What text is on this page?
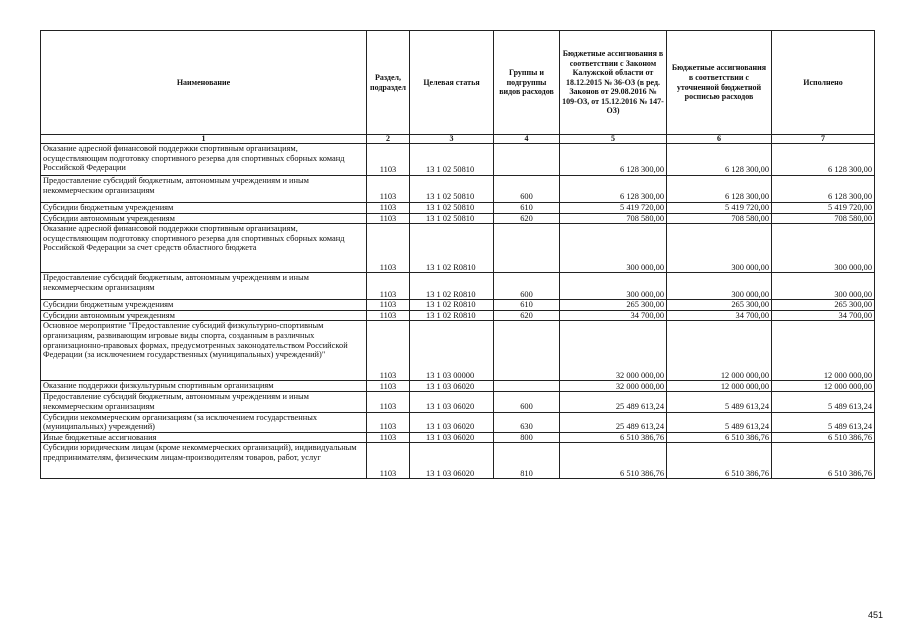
Наименование	Раздел, подраздел	Целевая статья	Группы и подгруппы видов расходов	Бюджетные ассигнования в соответствии с Законом Калужской области от 18.12.2015 № 36-ОЗ (в ред. Законов от 29.08.2016 № 109-ОЗ, от 15.12.2016 № 147-ОЗ)	Бюджетные ассигнования в соответствии с уточненной бюджетной росписью расходов	Исполнено
1	2	3	4	5	6	7
Оказание адресной финансовой поддержки спортивным организациям, осуществляющим подготовку спортивного резерва для спортивных сборных команд Российской Федерации	1103	13 1 02 50810		6 128 300,00	6 128 300,00	6 128 300,00
Предоставление субсидий бюджетным, автономным учреждениям и иным некоммерческим организациям	1103	13 1 02 50810	600	6 128 300,00	6 128 300,00	6 128 300,00
Субсидии бюджетным учреждениям	1103	13 1 02 50810	610	5 419 720,00	5 419 720,00	5 419 720,00
Субсидии автономным учреждениям	1103	13 1 02 50810	620	708 580,00	708 580,00	708 580,00
Оказание адресной финансовой поддержки спортивным организациям, осуществляющим подготовку спортивного резерва для спортивных сборных команд Российской Федерации за счет средств областного бюджета	1103	13 1 02 R0810		300 000,00	300 000,00	300 000,00
Предоставление субсидий бюджетным, автономным учреждениям и иным некоммерческим организациям	1103	13 1 02 R0810	600	300 000,00	300 000,00	300 000,00
Субсидии бюджетным учреждениям	1103	13 1 02 R0810	610	265 300,00	265 300,00	265 300,00
Субсидии автономным учреждениям	1103	13 1 02 R0810	620	34 700,00	34 700,00	34 700,00
Основное мероприятие "Предоставление субсидий физкультурно-спортивным организациям, развивающим игровые виды спорта, созданным в различных организационно-правовых формах, предусмотренных законодательством Российской Федерации (за исключением государственных (муниципальных) учреждений)"	1103	13 1 03 00000		32 000 000,00	12 000 000,00	12 000 000,00
Оказание поддержки физкультурным спортивным организациям	1103	13 1 03 06020		32 000 000,00	12 000 000,00	12 000 000,00
Предоставление субсидий бюджетным, автономным учреждениям и иным некоммерческим организациям	1103	13 1 03 06020	600	25 489 613,24	5 489 613,24	5 489 613,24
Субсидии некоммерческим организациям (за исключением государственных (муниципальных) учреждений)	1103	13 1 03 06020	630	25 489 613,24	5 489 613,24	5 489 613,24
Иные бюджетные ассигнования	1103	13 1 03 06020	800	6 510 386,76	6 510 386,76	6 510 386,76
Субсидии юридическим лицам (кроме некоммерческих организаций), индивидуальным предпринимателям, физическим лицам-производителям товаров, работ, услуг	1103	13 1 03 06020	810	6 510 386,76	6 510 386,76	6 510 386,76
451
